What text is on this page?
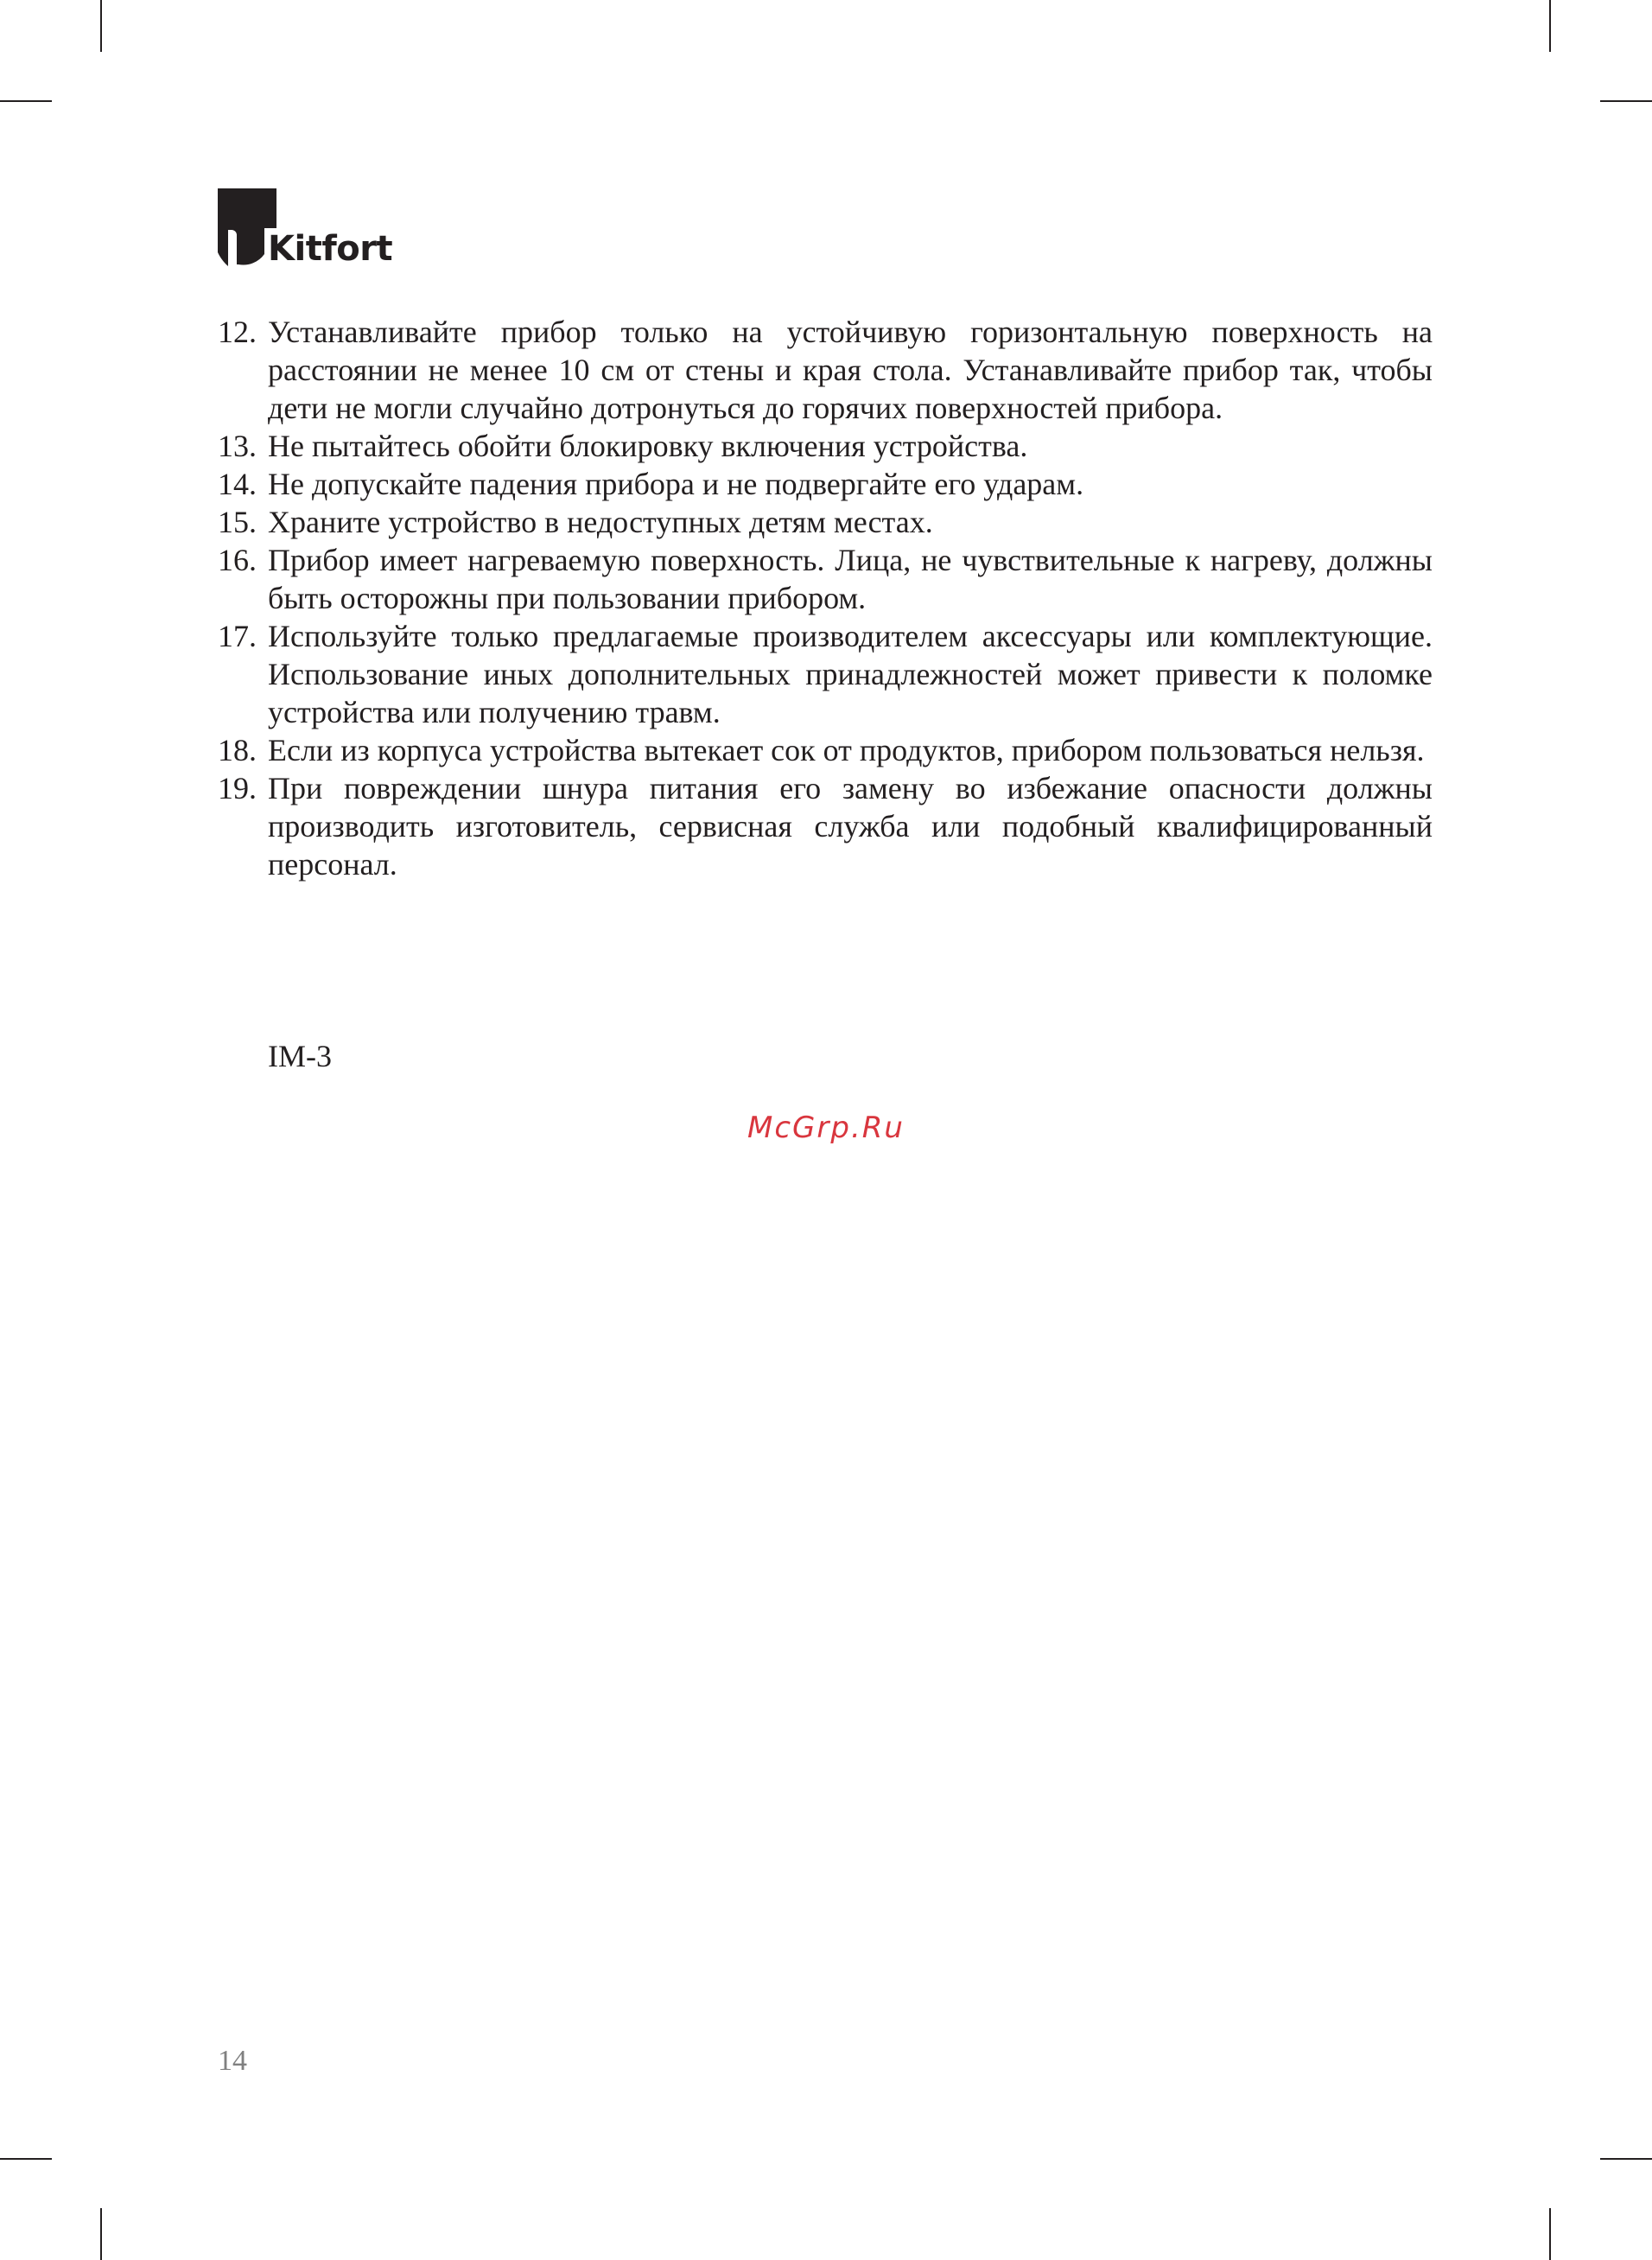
Kitfort
12. Устанавливайте прибор только на устойчивую горизонтальную поверхность на расстоянии не менее 10 см от стены и края стола. Устанавливайте прибор так, чтобы дети не могли случайно дотронуться до горячих поверхностей прибора.
13. Не пытайтесь обойти блокировку включения устройства.
14. Не допускайте падения прибора и не подвергайте его ударам.
15. Храните устройство в недоступных детям местах.
16. Прибор имеет нагреваемую поверхность. Лица, не чувствительные к нагреву, должны быть осторожны при пользовании прибором.
17. Используйте только предлагаемые производителем аксессуары или комплектующие. Использование иных дополнительных принадлежностей может привести к поломке устройства или получению травм.
18. Если из корпуса устройства вытекает сок от продуктов, прибором пользоваться нельзя.
19. При повреждении шнура питания его замену во избежание опасности должны производить изготовитель, сервисная служба или подобный квалифицированный персонал.
IM-3
McGrp.Ru
14
